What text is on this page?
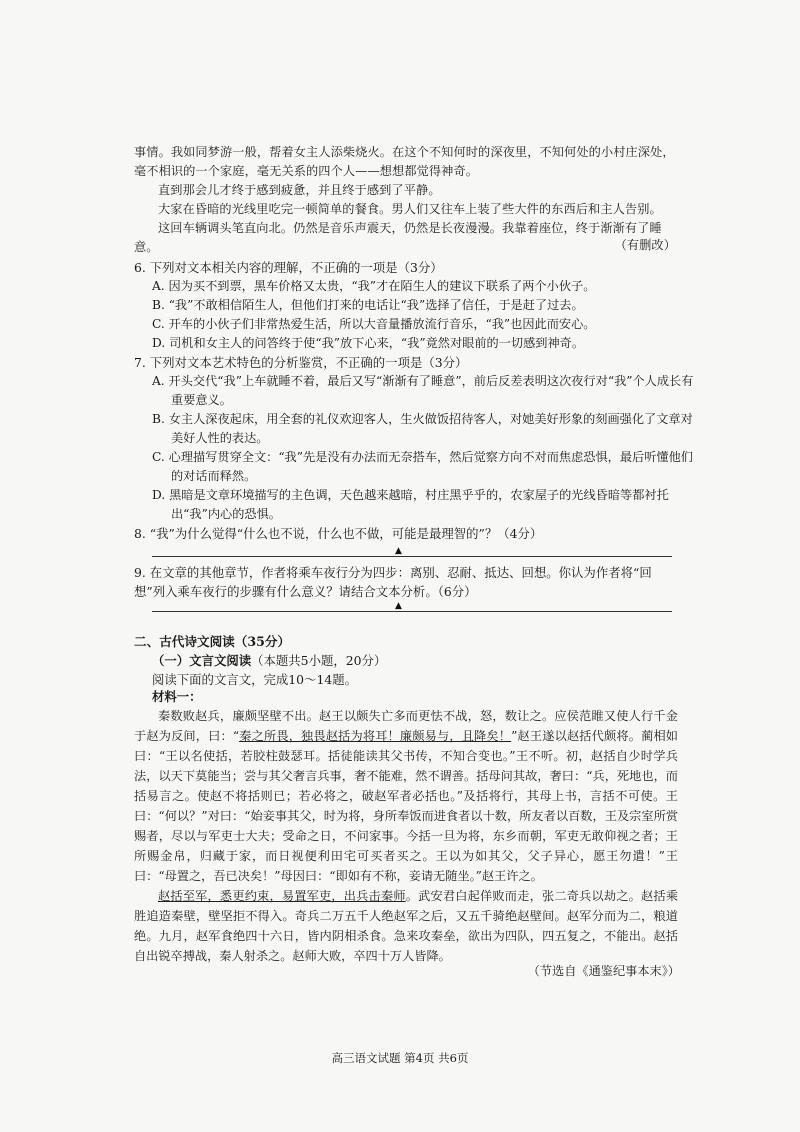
事情。我如同梦游一般，帮着女主人添柴烧火。在这个不知何时的深夜里，不知何处的小村庄深处，毫不相识的一个家庭，毫无关系的四个人——想想都觉得神奇。
直到那会儿才终于感到疲惫，并且终于感到了平静。
大家在昏暗的光线里吃完一顿简单的餐食。男人们又往车上装了些大件的东西后和主人告别。
这回车辆调头笔直向北。仍然是音乐声震天，仍然是长夜漫漫。我靠着座位，终于渐渐有了睡意。	（有删改）
6. 下列对文本相关内容的理解，不正确的一项是（3分）
A. 因为买不到票，黑车价格又太贵，“我”才在陌生人的建议下联系了两个小伙子。
B. “我”不敢相信陌生人，但他们打来的电话让“我”选择了信任，于是赶了过去。
C. 开车的小伙子们非常热爱生活，所以大音量播放流行音乐，“我”也因此而安心。
D. 司机和女主人的问答终于使“我”放下心来，“我”竟然对眼前的一切感到神奇。
7. 下列对文本艺术特色的分析鉴赏，不正确的一项是（3分）
A. 开头交代“我”上车就睡不着，最后又写“渐渐有了睡意”，前后反差表明这次夜行对“我”个人成长有重要意义。
B. 女主人深夜起床，用全套的礼仪欢迎客人，生火做饭招待客人，对她美好形象的刻画强化了文章对美好人性的表达。
C. 心理描写贯穿全文：“我”先是没有办法而无奈搭车，然后觉察方向不对而焦虑恐惧，最后听懂他们的对话而释然。
D. 黑暗是文章环境描写的主色调，天色越来越暗，村庄黑乎乎的，农家屋子的光线昏暗等都衬托出“我”内心的恐惧。
8. “我”为什么觉得“什么也不说，什么也不做，可能是最理智的”？（4分）
▲
9. 在文章的其他章节，作者将乘车夜行分为四步：离别、忍耐、抵达、回想。你认为作者将“回想”列入乘车夜行的步骤有什么意义？请结合文本分析。（6分）
▲
二、古代诗文阅读（35分）
（一）文言文阅读（本题共5小题，20分）
阅读下面的文言文，完成10～14题。
材料一：
秦数败赵兵，廉颇坚壁不出。赵王以颇失亡多而更怯不战，怒，数让之。应侯范睢又使人行千金于赵为反间，曰：“秦之所畏，独畏赵括为将耳！廉颇易与，且降矣！”赵王遂以赵括代颇将。蔺相如曰：“王以名使括，若胶柱鼓瑟耳。括徒能读其父书传，不知合变也。”王不听。初，赵括自少时学兵法，以天下莫能当；尝与其父奢言兵事，奢不能难，然不谓善。括母问其故，奢曰：“兵，死地也，而括易言之。使赵不将括则已；若必将之，破赵军者必括也。”及括将行，其母上书，言括不可使。王曰：“何以？”对曰：“始妾事其父，时为将，身所奉饭而进食者以十数，所友者以百数，王及宗室所赏赐者，尽以与军吏士大夫；受命之日，不问家事。今括一旦为将，东乡而朝，军吏无敢仰视之者；王所赐金帛，归藏于家，而日视便利田宅可买者买之。王以为如其父，父子异心，愿王勿遣！”王曰：“母置之，吾已决矣！”母因曰：“即如有不称，妾请无随坐。”赵王许之。
赵括至军，悉更约束，易置军吏，出兵击秦师。武安君白起佯败而走，张二奇兵以劫之。赵括乘胜追造秦壁，壁坚拒不得入。奇兵二万五千人绝赵军之后，又五千骑绝赵壁间。赵军分而为二，粮道绝。九月，赵军食绝四十六日，皆内阴相杀食。急来攻秦垒，欲出为四队，四五复之，不能出。赵括自出锐卒搏战，秦人射杀之。赵师大败，卒四十万人皆降。
（节选自《通鉴纪事本末》）
高三语文试题 第4页 共6页
